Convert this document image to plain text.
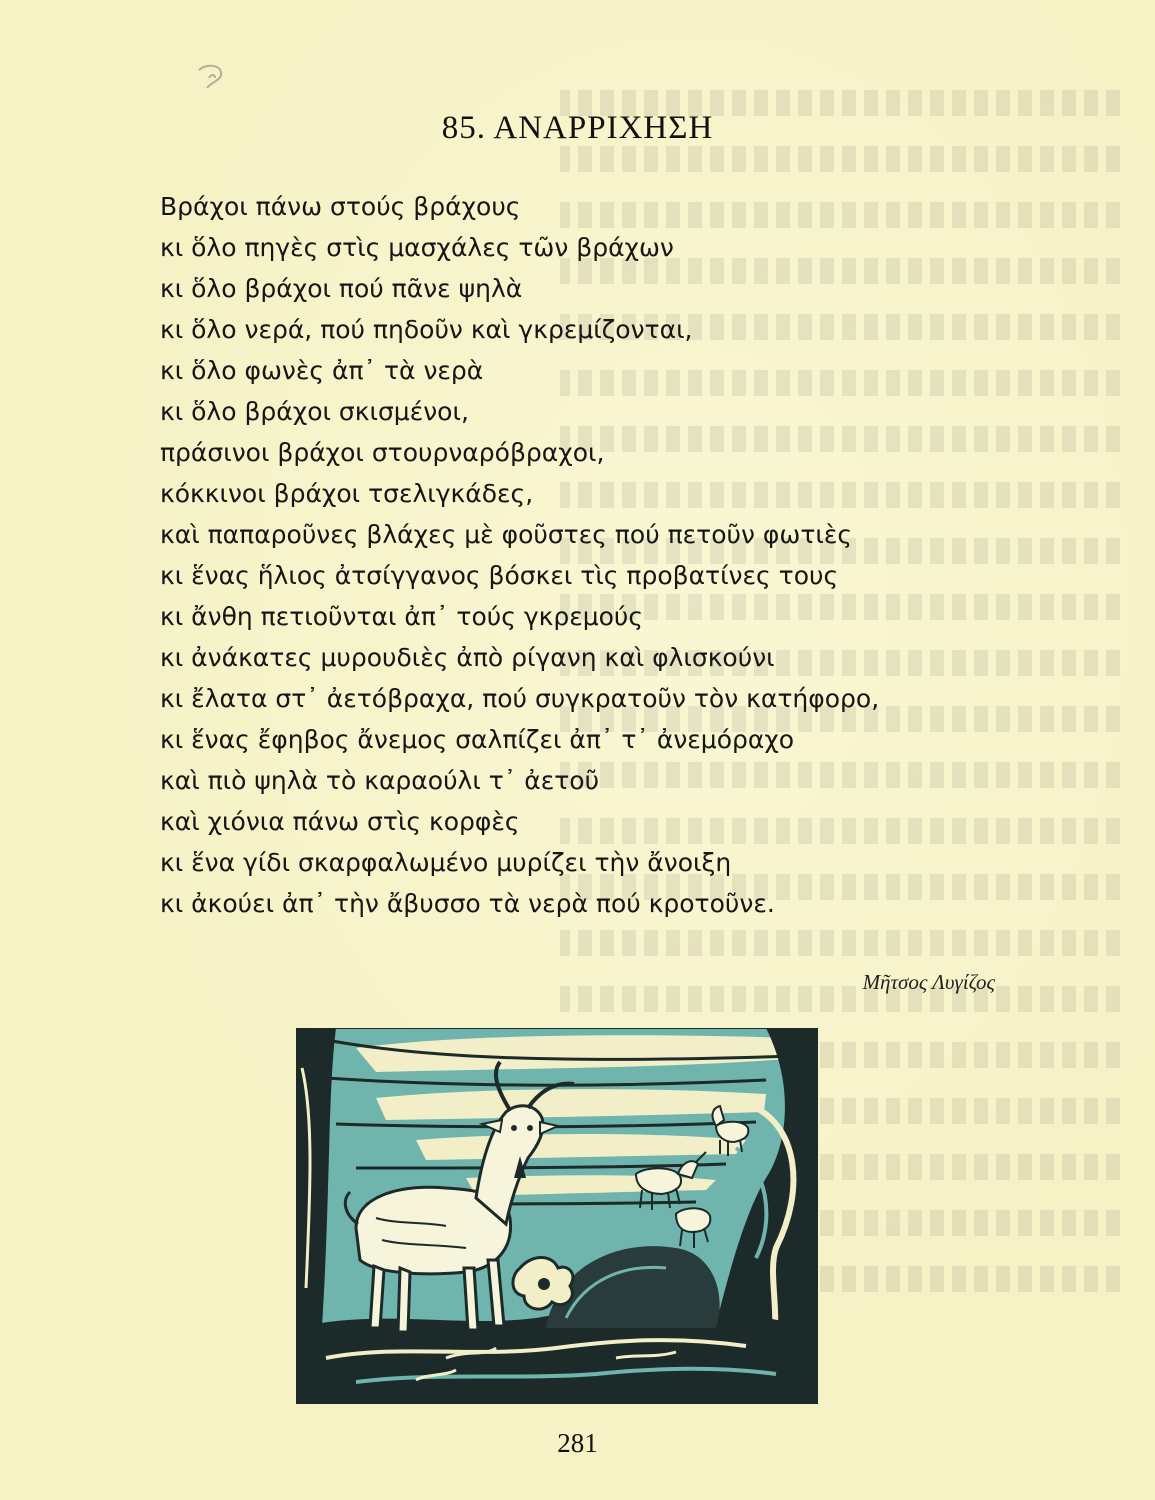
85. ΑΝΑΡΡΙΧΗΣΗ
Βράχοι πάνω στούς βράχους
κι ὅλο πηγὲς στὶς μασχάλες τῶν βράχων
κι ὅλο βράχοι πού πᾶνε ψηλὰ
κι ὅλο νερά, πού πηδοῦν καὶ γκρεμίζονται,
κι ὅλο φωνὲς ἀπ᾽ τὰ νερὰ
κι ὅλο βράχοι σκισμένοι,
πράσινοι βράχοι στουρναρόβραχοι,
κόκκινοι βράχοι τσελιγκάδες,
καὶ παπαροῦνες βλάχες μὲ φοῦστες πού πετοῦν φωτιὲς
κι ἕνας ἥλιος ἀτσίγγανος βόσκει τὶς προβατίνες τους
κι ἄνθη πετιοῦνται ἀπ᾽ τούς γκρεμούς
κι ἀνάκατες μυρουδιὲς ἀπὸ ρίγανη καὶ φλισκούνι
κι ἔλατα στ᾽ ἀετόβραχα, πού συγκρατοῦν τὸν κατήφορο,
κι ἕνας ἔφηβος ἄνεμος σαλπίζει ἀπ᾽ τ᾽ ἀνεμόραχο
καὶ πιὸ ψηλὰ τὸ καραούλι τ᾽ ἀετοῦ
καὶ χιόνια πάνω στὶς κορφὲς
κι ἕνα γίδι σκαρφαλωμένο μυρίζει τὴν ἄνοιξη
κι ἀκούει ἀπ᾽ τὴν ἄβυσσο τὰ νερὰ πού κροτοῦνε.
Μῆτσος Λυγίζος
281
